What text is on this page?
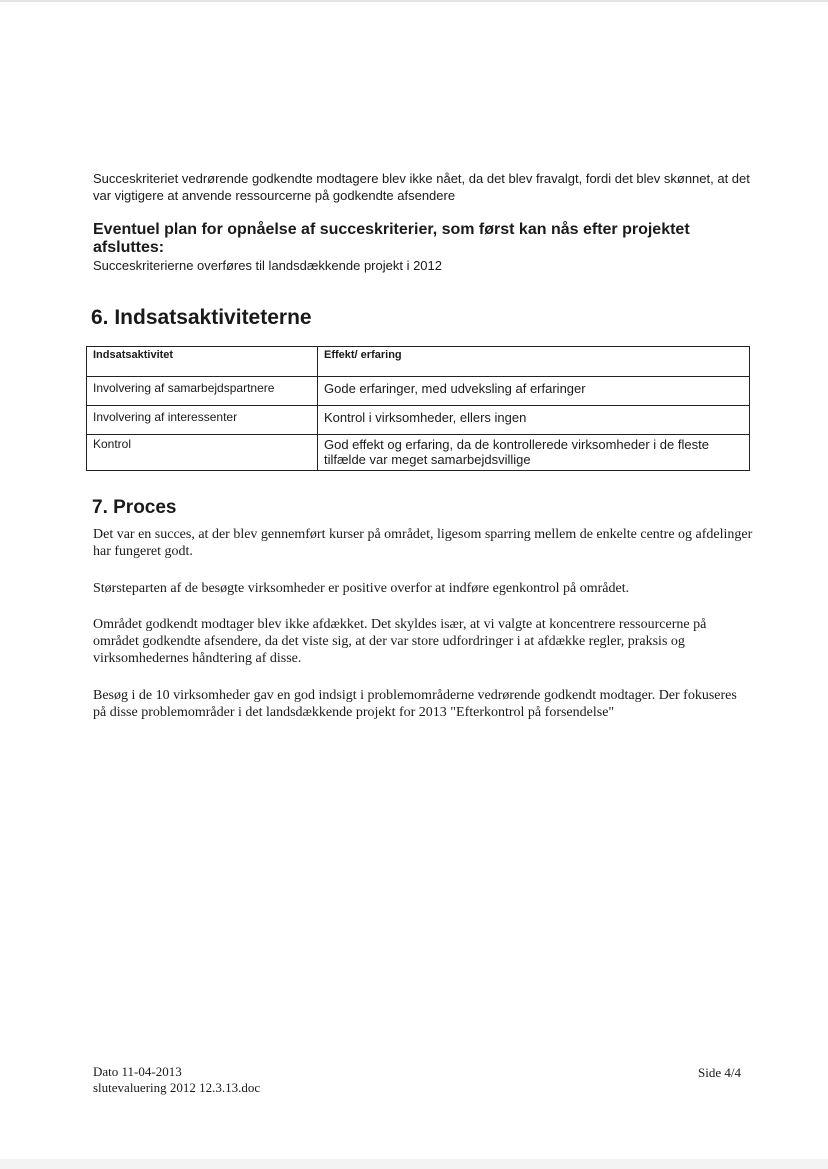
Succeskriteriet vedrørende godkendte modtagere blev ikke nået, da det blev fravalgt, fordi det blev skønnet, at det var vigtigere at anvende ressourcerne på godkendte afsendere
Eventuel plan for opnåelse af succeskriterier, som først kan nås efter projektet afsluttes:
Succeskriterierne overføres til landsdækkende projekt i 2012
6. Indsatsaktiviteterne
Indsatsaktivitet	Effekt/ erfaring
Involvering af samarbejdspartnere	Gode erfaringer, med udveksling af erfaringer
Involvering af interessenter	Kontrol i virksomheder, ellers ingen
Kontrol	God effekt og erfaring, da de kontrollerede virksomheder i de fleste tilfælde var meget samarbejdsvillige
7. Proces

Det var en succes, at der blev gennemført kurser på området, ligesom sparring mellem de enkelte centre og afdelinger har fungeret godt.

Størsteparten af de besøgte virksomheder er positive overfor at indføre egenkontrol på området.

Området godkendt modtager blev ikke afdækket. Det skyldes især, at vi valgte at koncentrere ressourcerne på området godkendte afsendere, da det viste sig, at der var store udfordringer i at afdække regler, praksis og virksomhedernes håndtering af disse.

Besøg i de 10 virksomheder gav en god indsigt i problemområderne vedrørende godkendt modtager. Der fokuseres på disse problemområder i det landsdækkende projekt for 2013 "Efterkontrol på forsendelse"

Dato 11-04-2013
slutevaluering 2012 12.3.13.doc
Side 4/4
